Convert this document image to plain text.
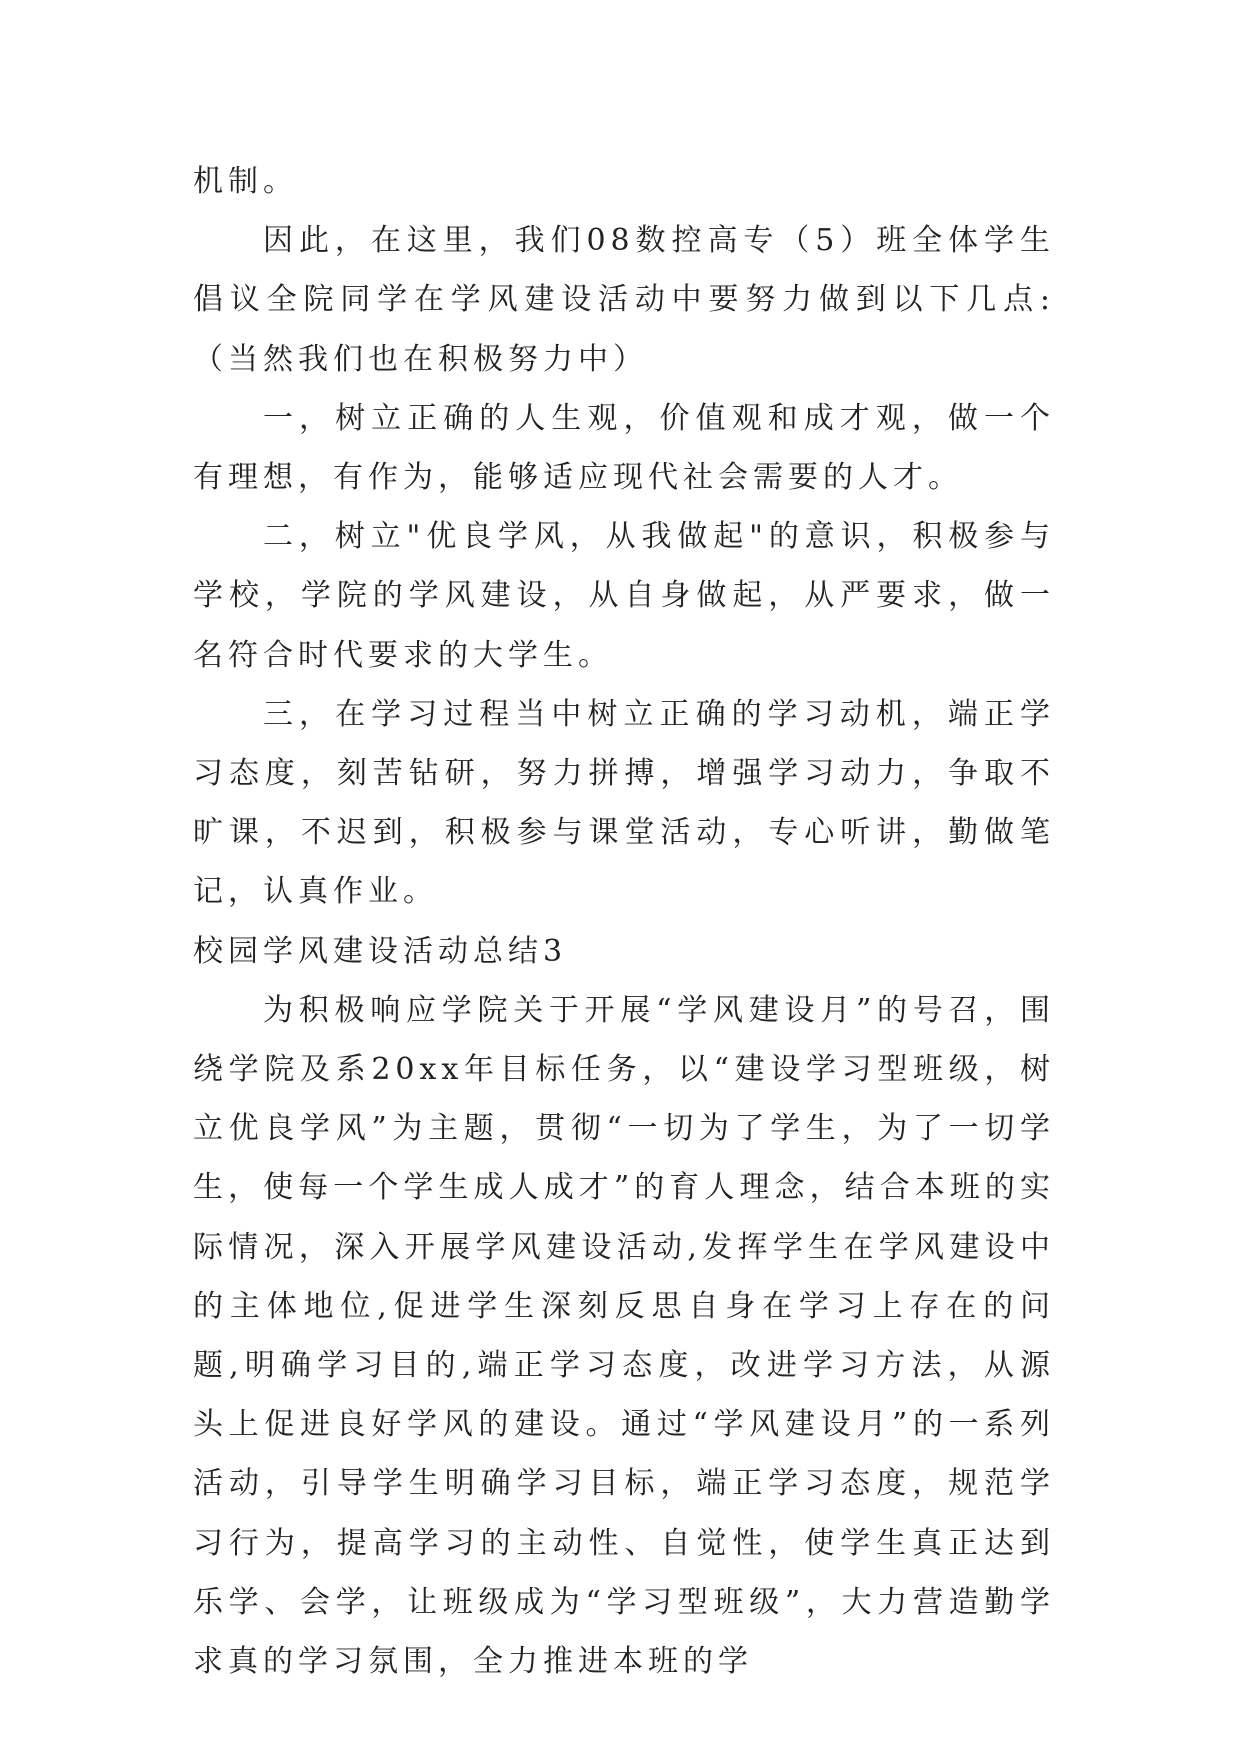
机制。

因此，在这里，我们08数控高专（5）班全体学生倡议全院同学在学风建设活动中要努力做到以下几点:（当然我们也在积极努力中）

一，树立正确的人生观，价值观和成才观，做一个有理想，有作为，能够适应现代社会需要的人才。

二，树立"优良学风，从我做起"的意识，积极参与学校，学院的学风建设，从自身做起，从严要求，做一名符合时代要求的大学生。

三，在学习过程当中树立正确的学习动机，端正学习态度，刻苦钻研，努力拼搏，增强学习动力，争取不旷课，不迟到，积极参与课堂活动，专心听讲，勤做笔记，认真作业。

校园学风建设活动总结3

为积极响应学院关于开展“学风建设月”的号召，围绕学院及系20xx年目标任务，以“建设学习型班级，树立优良学风”为主题，贯彻“一切为了学生，为了一切学生，使每一个学生成人成才”的育人理念，结合本班的实际情况，深入开展学风建设活动,发挥学生在学风建设中的主体地位,促进学生深刻反思自身在学习上存在的问题,明确学习目的,端正学习态度，改进学习方法，从源头上促进良好学风的建设。通过“学风建设月”的一系列活动，引导学生明确学习目标，端正学习态度，规范学习行为，提高学习的主动性、自觉性，使学生真正达到乐学、会学，让班级成为“学习型班级”，大力营造勤学求真的学习氛围，全力推进本班的学
